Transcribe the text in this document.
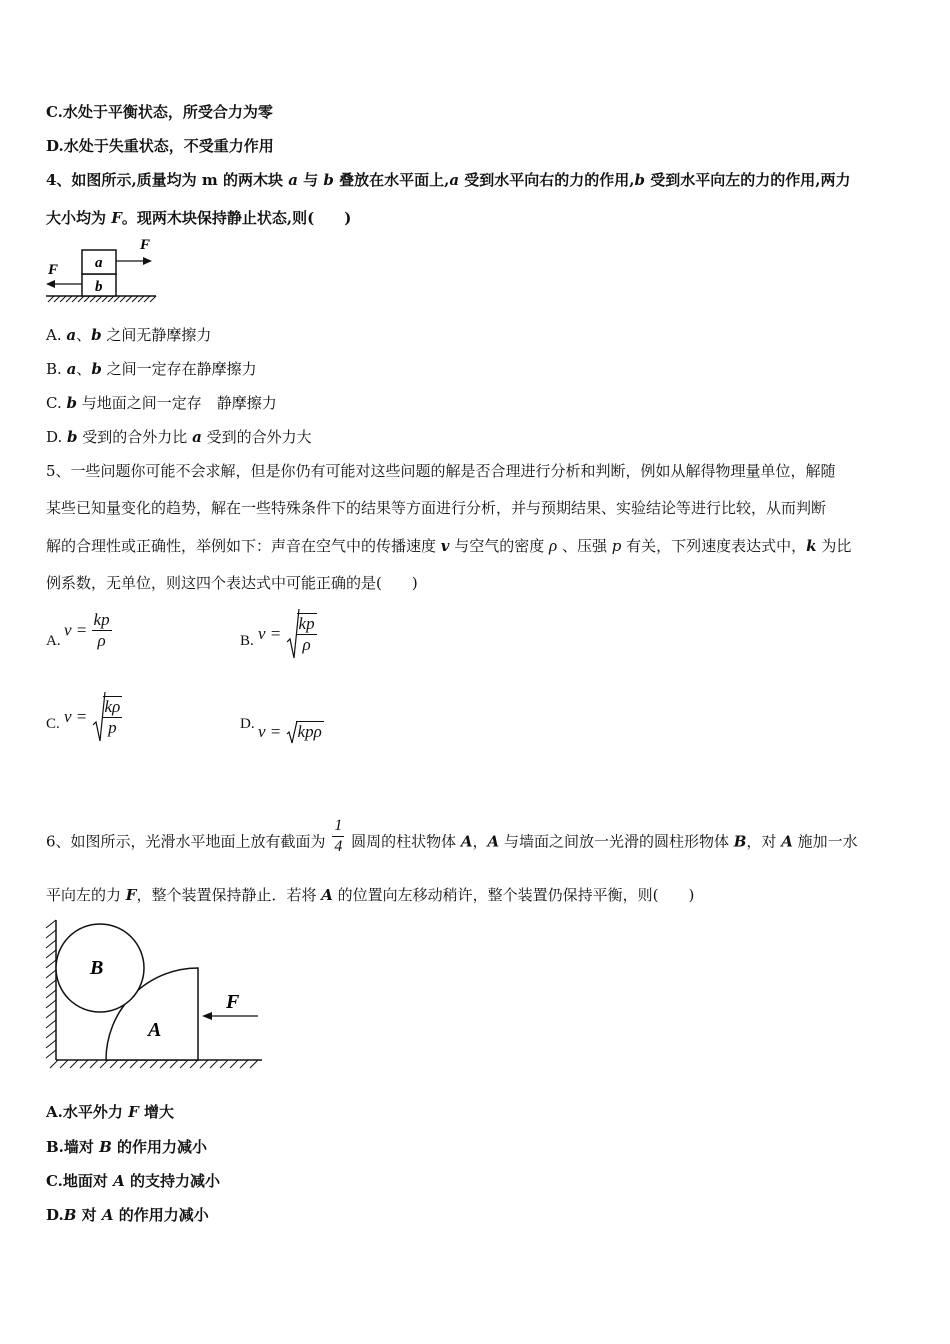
C.水处于平衡状态，所受合力为零
D.水处于失重状态，不受重力作用
4、如图所示,质量均为 m 的两木块 a 与 b 叠放在水平面上,a 受到水平向右的力的作用,b 受到水平向左的力的作用,两力
大小均为 F。现两木块保持静止状态,则(　　)
a
b
F
F
A. a、b 之间无静摩擦力
B. a、b 之间一定存在静摩擦力
C. b 与地面之间一定存　静摩擦力
D. b 受到的合外力比 a 受到的合外力大
5、一些问题你可能不会求解，但是你仍有可能对这些问题的解是否合理进行分析和判断，例如从解得物理量单位，解随
某些已知量变化的趋势，解在一些特殊条件下的结果等方面进行分析，并与预期结果、实验结论等进行比较，从而判断
解的合理性或正确性，举例如下：声音在空气中的传播速度 v 与空气的密度 ρ 、压强 p 有关，下列速度表达式中，k 为比
例系数，无单位，则这四个表达式中可能正确的是(　　)
A.
$v = \frac{kp}{\rho}$	B. $v = \frac{kp}{\rho}$
C. $v = \frac{k\rho}{p}$	D. v = kpρ
6、如图所示，光滑水平地面上放有截面为 $\frac{1}{4}$ 圆周的柱状物体 A，A 与墙面之间放一光滑的圆柱形物体 B，对 A 施加一水
平向左的力 F，整个装置保持静止．若将 A 的位置向左移动稍许，整个装置仍保持平衡，则(　　)
B
A
F
A.水平外力 F 增大
B.墙对 B 的作用力减小
C.地面对 A 的支持力减小
D.B 对 A 的作用力减小
